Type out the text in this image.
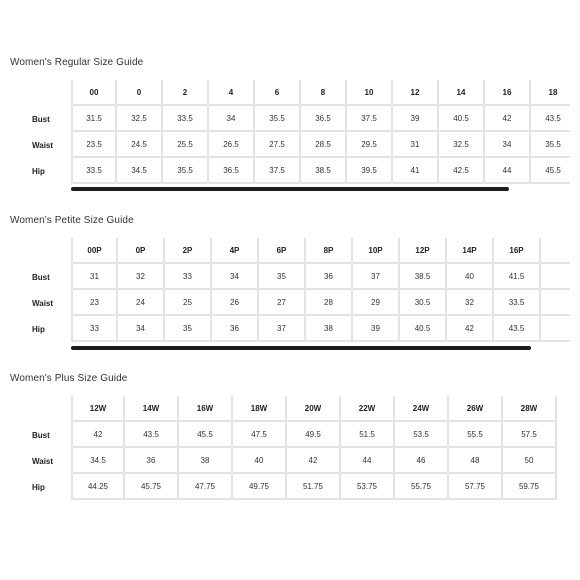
Women's Regular Size Guide
	00	0	2	4	6	8	10	12	14	16	18
Bust	31.5	32.5	33.5	34	35.5	36.5	37.5	39	40.5	42	43.5
Waist	23.5	24.5	25.5	26.5	27.5	28.5	29.5	31	32.5	34	35.5
Hip	33.5	34.5	35.5	36.5	37.5	38.5	39.5	41	42.5	44	45.5
Women's Petite Size Guide
	00P	0P	2P	4P	6P	8P	10P	12P	14P	16P	
Bust	31	32	33	34	35	36	37	38.5	40	41.5	
Waist	23	24	25	26	27	28	29	30.5	32	33.5	
Hip	33	34	35	36	37	38	39	40.5	42	43.5	
Women's Plus Size Guide
	12W	14W	16W	18W	20W	22W	24W	26W	28W
Bust	42	43.5	45.5	47.5	49.5	51.5	53.5	55.5	57.5
Waist	34.5	36	38	40	42	44	46	48	50
Hip	44.25	45.75	47.75	49.75	51.75	53.75	55.75	57.75	59.75
